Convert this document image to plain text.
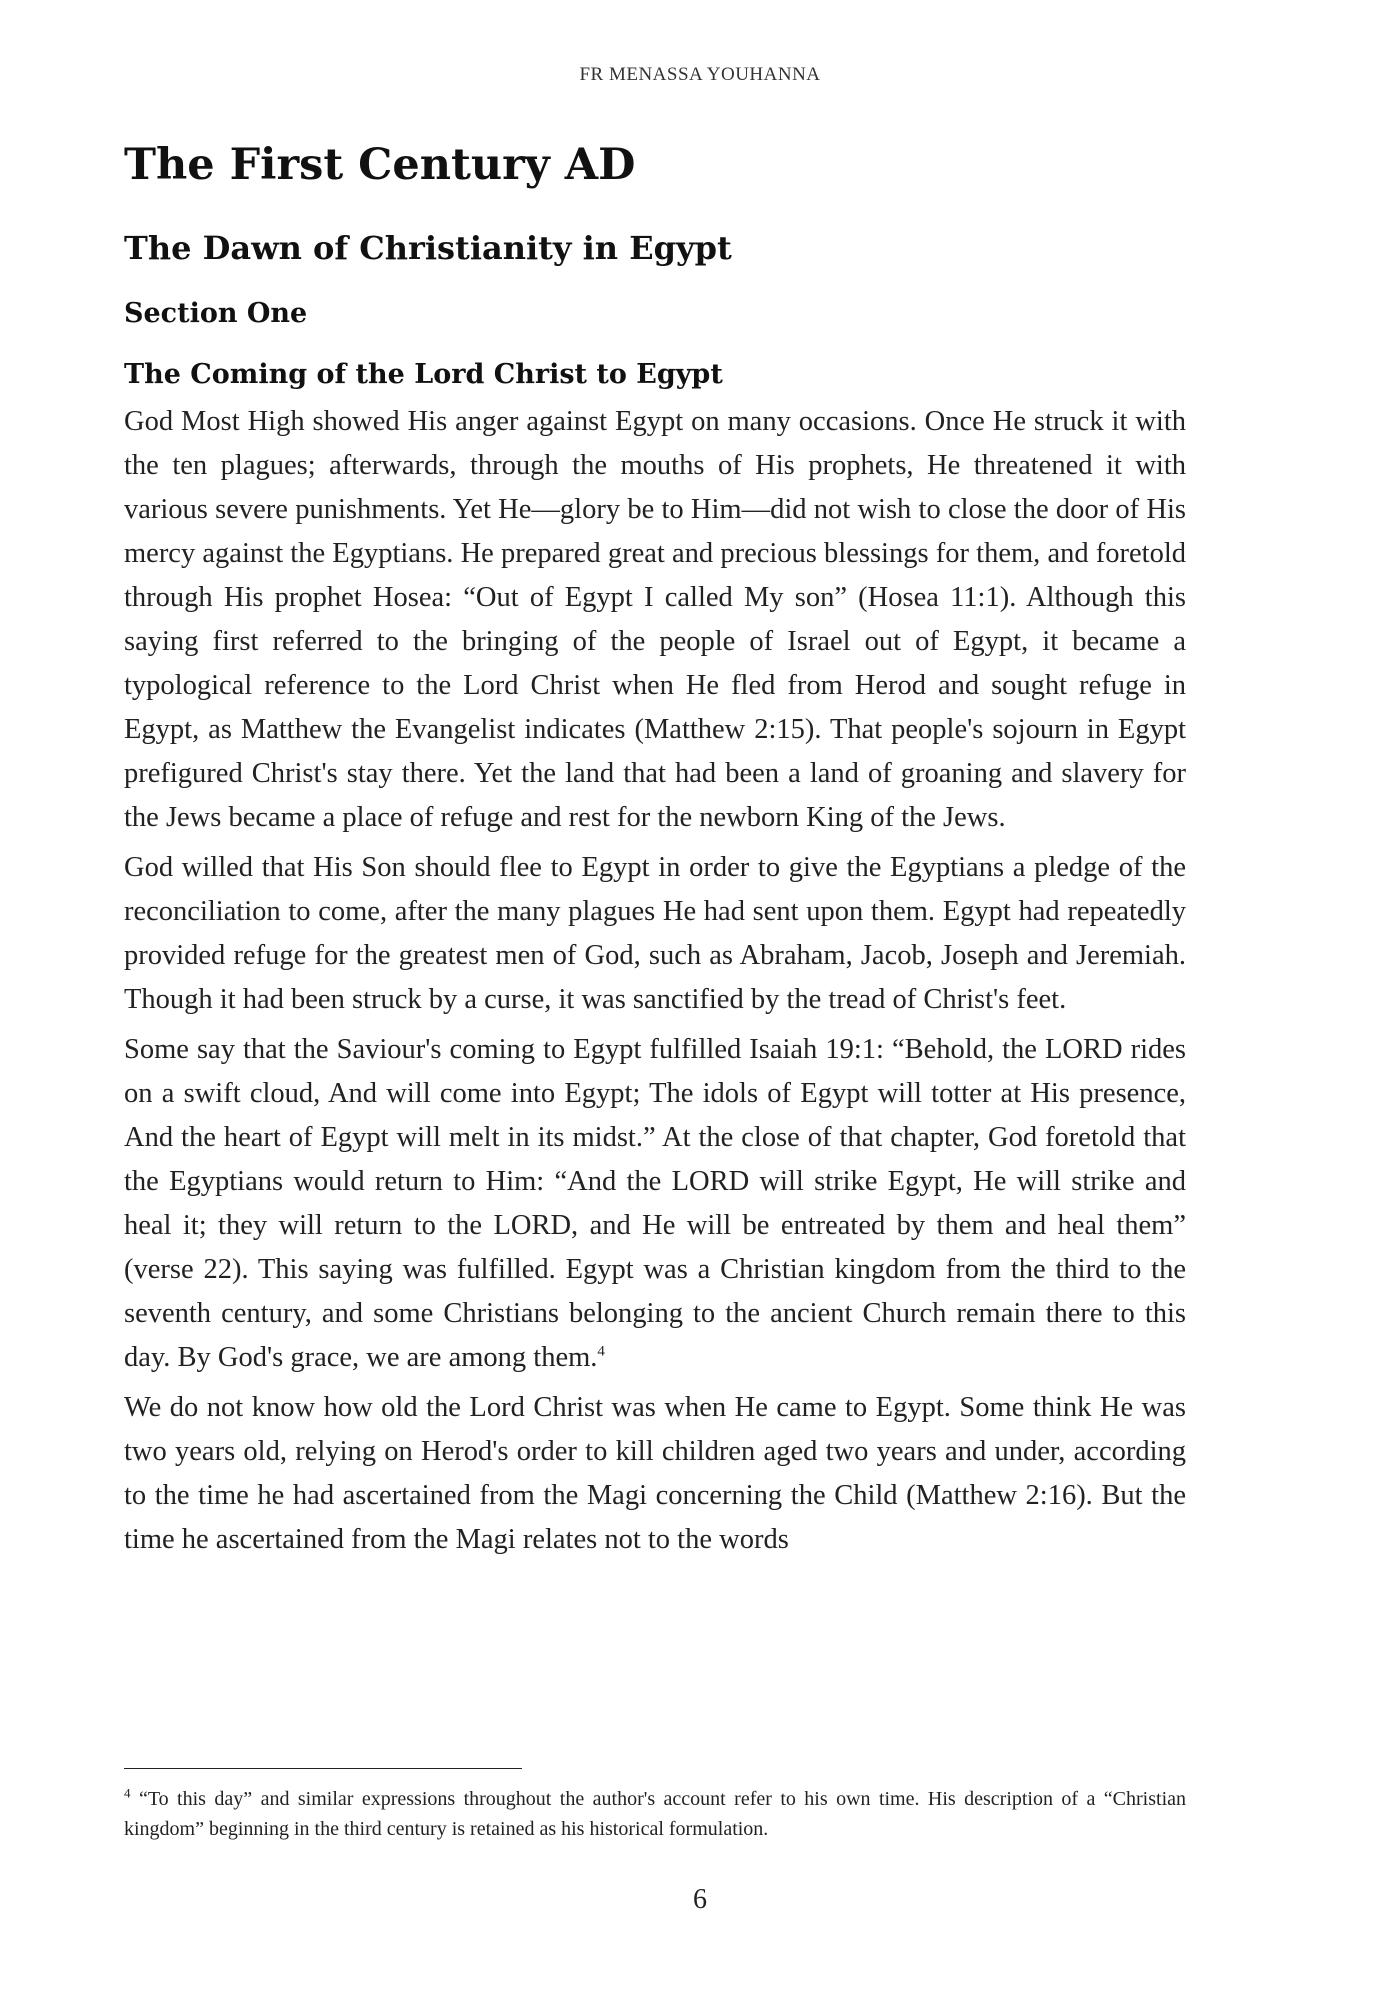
FR MENASSA YOUHANNA
The First Century AD
The Dawn of Christianity in Egypt
Section One
The Coming of the Lord Christ to Egypt

God Most High showed His anger against Egypt on many occasions. Once He struck it with the ten plagues; afterwards, through the mouths of His prophets, He threatened it with various severe punishments. Yet He—glory be to Him—did not wish to close the door of His mercy against the Egyptians. He prepared great and precious blessings for them, and foretold through His prophet Hosea: “Out of Egypt I called My son” (Hosea 11:1). Although this saying first referred to the bringing of the people of Israel out of Egypt, it became a typological reference to the Lord Christ when He fled from Herod and sought refuge in Egypt, as Matthew the Evangelist indicates (Matthew 2:15). That people's sojourn in Egypt prefigured Christ's stay there. Yet the land that had been a land of groaning and slavery for the Jews became a place of refuge and rest for the newborn King of the Jews.

God willed that His Son should flee to Egypt in order to give the Egyptians a pledge of the reconciliation to come, after the many plagues He had sent upon them. Egypt had repeatedly provided refuge for the greatest men of God, such as Abraham, Jacob, Joseph and Jeremiah. Though it had been struck by a curse, it was sanctified by the tread of Christ's feet.

Some say that the Saviour's coming to Egypt fulfilled Isaiah 19:1: “Behold, the LORD rides on a swift cloud, And will come into Egypt; The idols of Egypt will totter at His presence, And the heart of Egypt will melt in its midst.” At the close of that chapter, God foretold that the Egyptians would return to Him: “And the LORD will strike Egypt, He will strike and heal it; they will return to the LORD, and He will be entreated by them and heal them” (verse 22). This saying was fulfilled. Egypt was a Christian kingdom from the third to the seventh century, and some Christians belonging to the ancient Church remain there to this day. By God's grace, we are among them.$^4$

We do not know how old the Lord Christ was when He came to Egypt. Some think He was two years old, relying on Herod's order to kill children aged two years and under, according to the time he had ascertained from the Magi concerning the Child (Matthew 2:16). But the time he ascertained from the Magi relates not to the words

$^4$ “To this day” and similar expressions throughout the author's account refer to his own time. His description of a “Christian kingdom” beginning in the third century is retained as his historical formulation.
6
